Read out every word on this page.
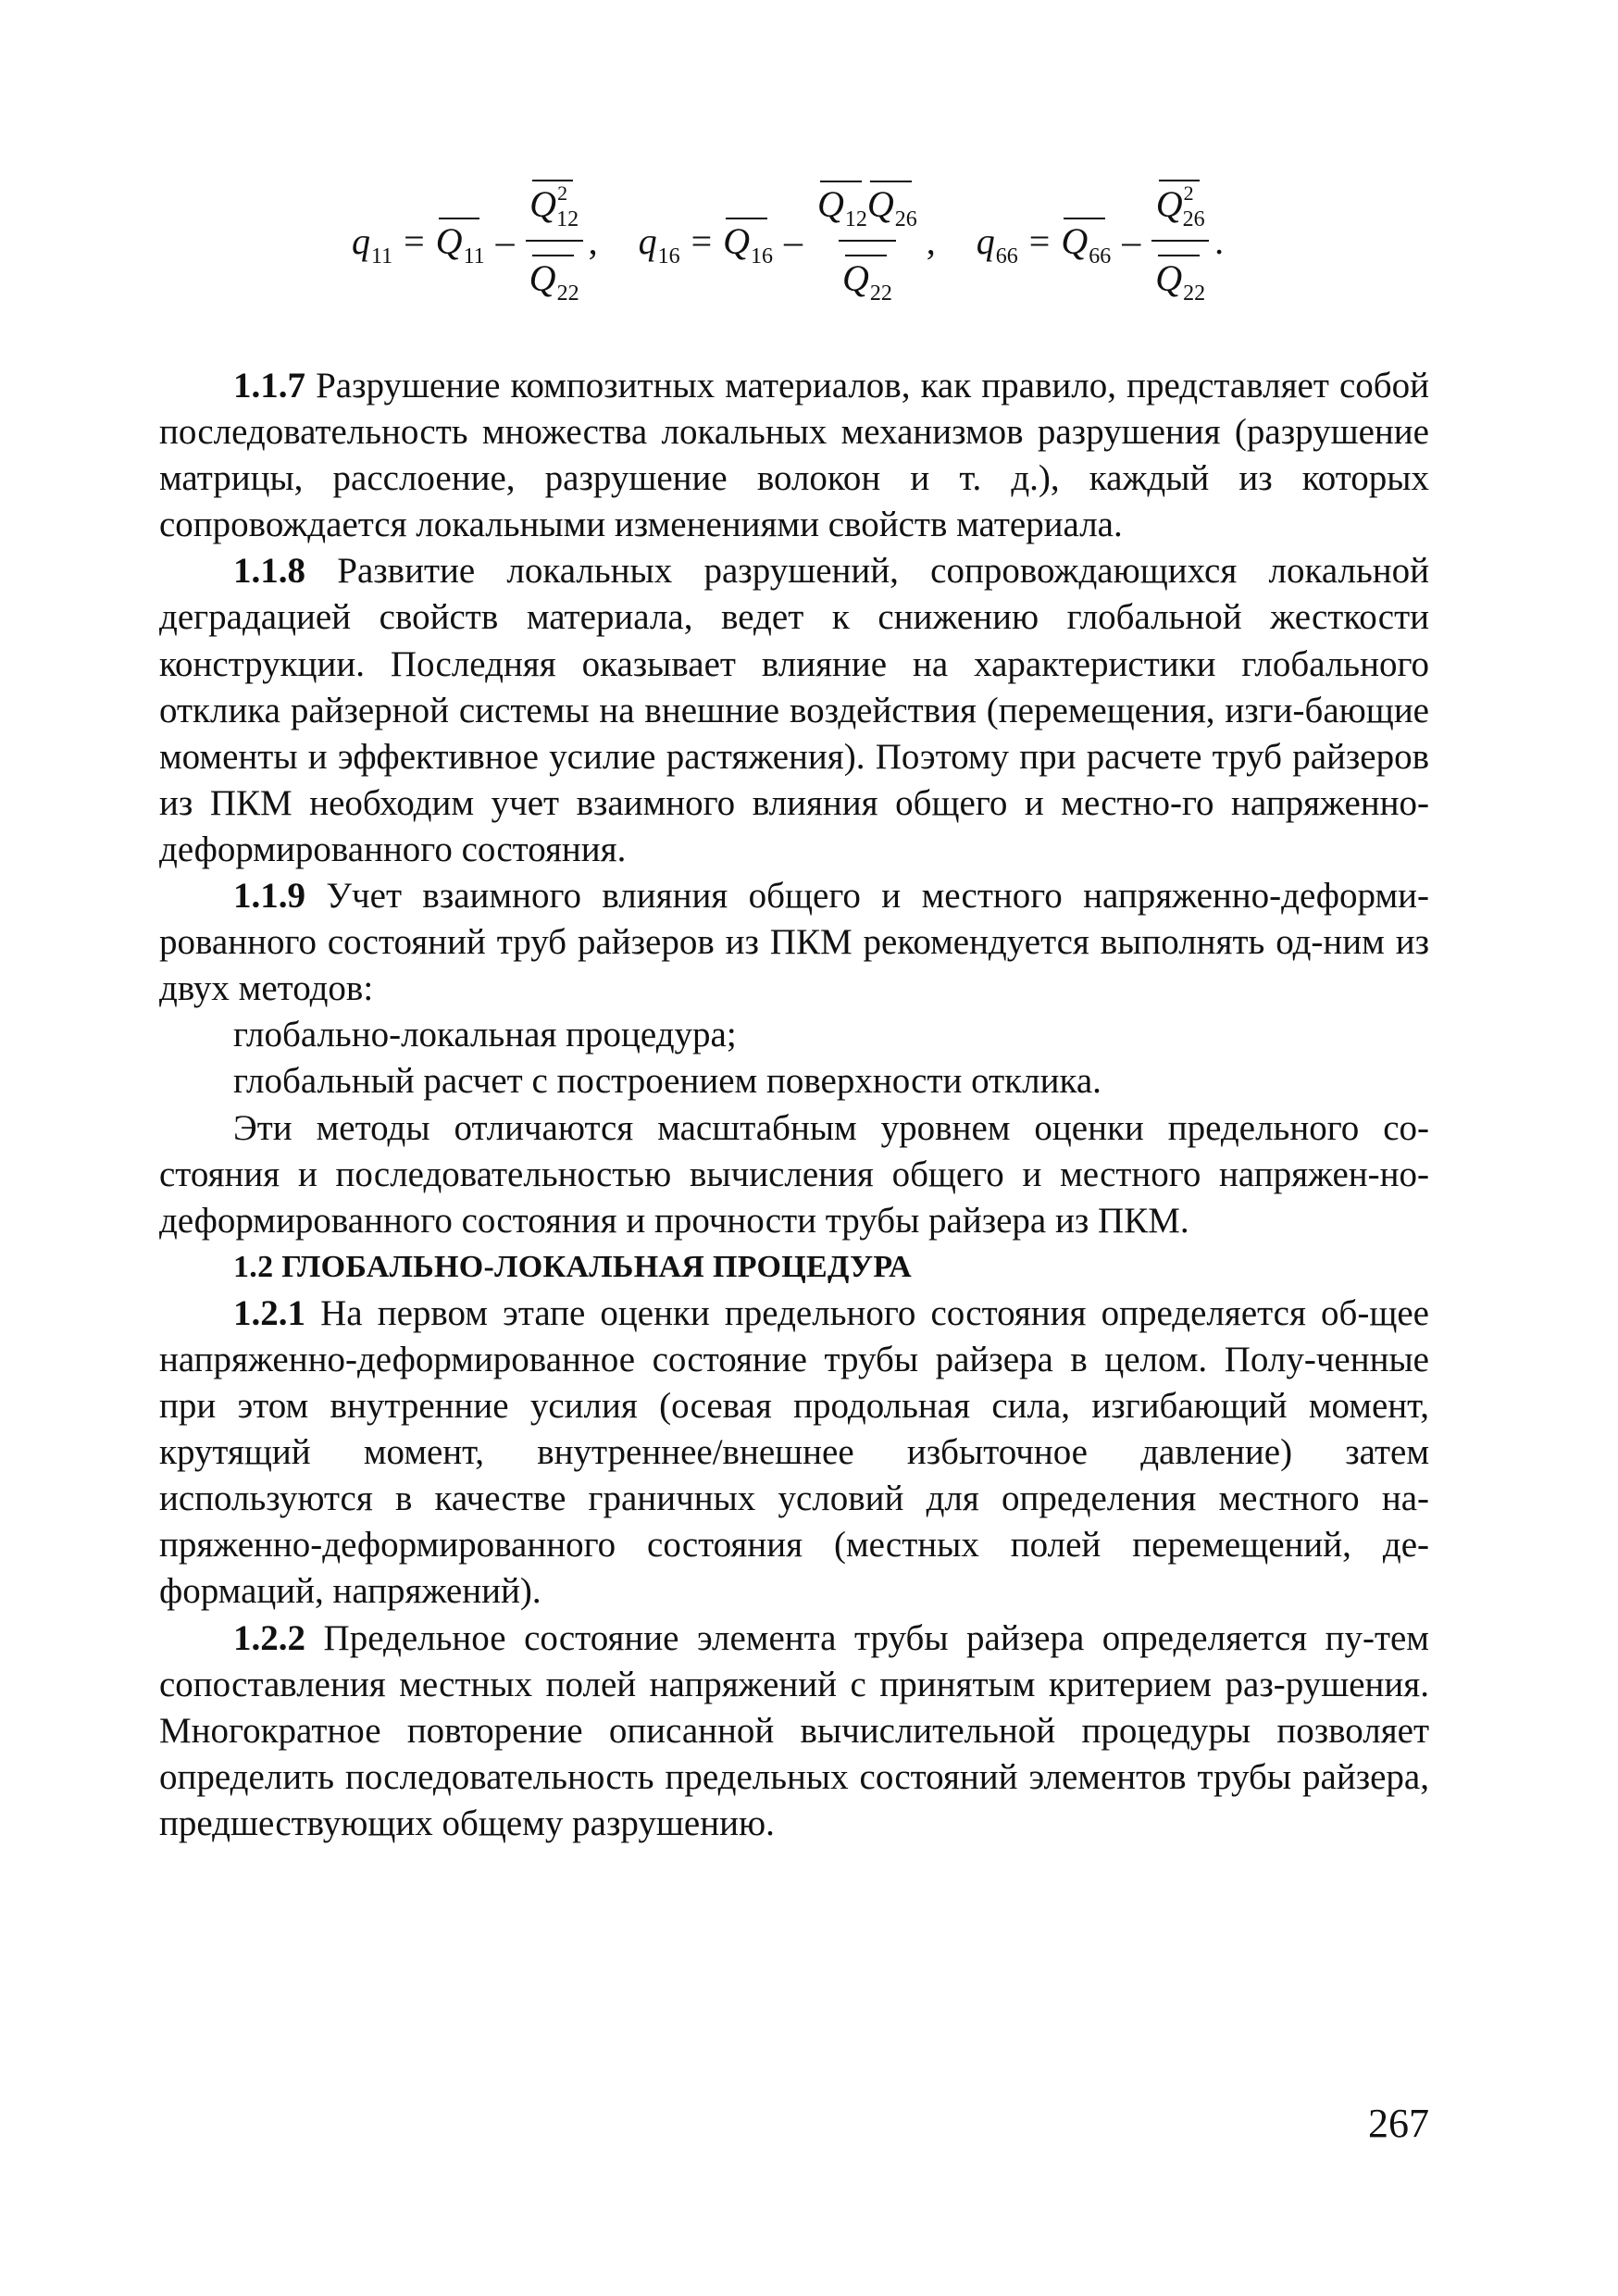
$q_{11} = Q_{11} - \frac{Q^2_{12}}{Q_{22}}$ , $q_{16} = Q_{16} - \frac{Q_{12}Q_{26}}{Q_{22}}$ , $q_{66} = Q_{66} - \frac{Q^2_{26}}{Q_{22}}$ .

1.1.7 Разрушение композитных материалов, как правило, представляет собой последовательность множества локальных механизмов разрушения (разрушение матрицы, расслоение, разрушение волокон и т. д.), каждый из которых сопровождается локальными изменениями свойств материала.

1.1.8 Развитие локальных разрушений, сопровождающихся локальной деградацией свойств материала, ведет к снижению глобальной жесткости конструкции. Последняя оказывает влияние на характеристики глобального отклика райзерной системы на внешние воздействия (перемещения, изги-бающие моменты и эффективное усилие растяжения). Поэтому при расчете труб райзеров из ПКМ необходим учет взаимного влияния общего и местно-го напряженно-деформированного состояния.

1.1.9 Учет взаимного влияния общего и местного напряженно-деформи-рованного состояний труб райзеров из ПКМ рекомендуется выполнять од-ним из двух методов:

глобально-локальная процедура;

глобальный расчет с построением поверхности отклика.

Эти методы отличаются масштабным уровнем оценки предельного со-стояния и последовательностью вычисления общего и местного напряжен-но-деформированного состояния и прочности трубы райзера из ПКМ.

1.2 ГЛОБАЛЬНО-ЛОКАЛЬНАЯ ПРОЦЕДУРА

1.2.1 На первом этапе оценки предельного состояния определяется об-щее напряженно-деформированное состояние трубы райзера в целом. Полу-ченные при этом внутренние усилия (осевая продольная сила, изгибающий момент, крутящий момент, внутреннее/внешнее избыточное давление) затем используются в качестве граничных условий для определения местного на-пряженно-деформированного состояния (местных полей перемещений, де-формаций, напряжений).

1.2.2 Предельное состояние элемента трубы райзера определяется пу-тем сопоставления местных полей напряжений с принятым критерием раз-рушения. Многократное повторение описанной вычислительной процедуры позволяет определить последовательность предельных состояний элементов трубы райзера, предшествующих общему разрушению.

267
